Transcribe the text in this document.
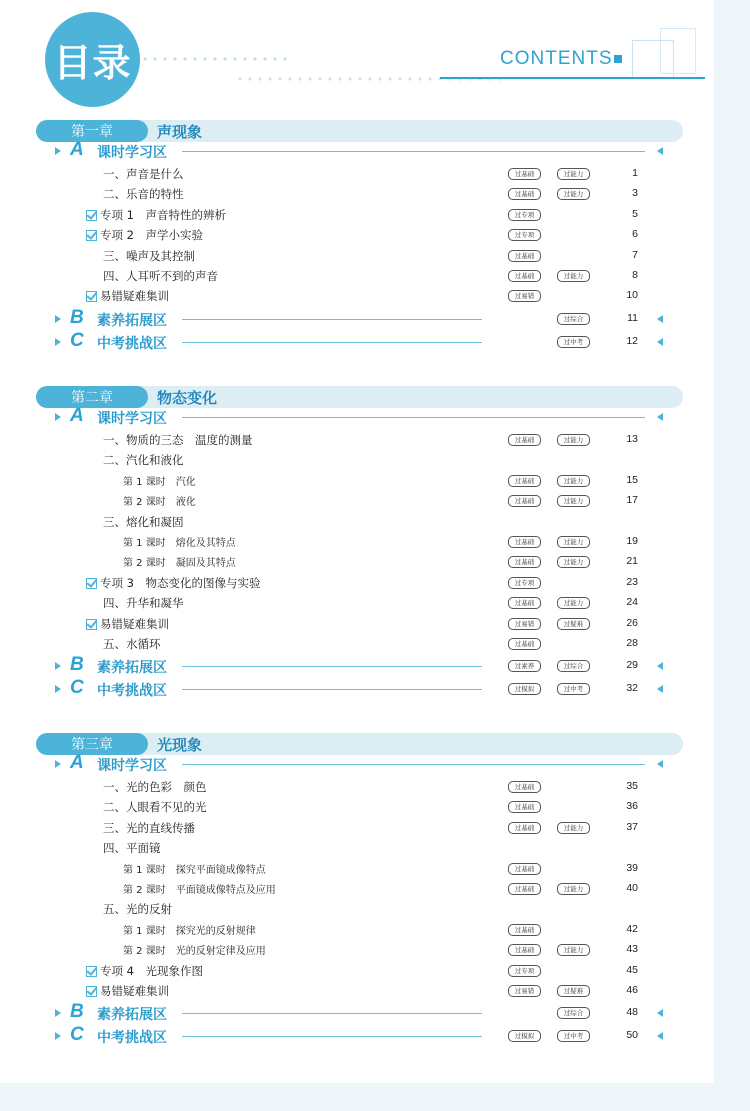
目录	CONTENTS
第一章	声现象
A 课时学习区
一、声音是什么	过基础	过能力	1
二、乐音的特性	过基础	过能力	3
专项 1　声音特性的辨析	过专项	5
专项 2　声学小实验	过专项	6
三、噪声及其控制	过基础	7
四、人耳听不到的声音	过基础	过能力	8
易错疑难集训	过易错	10
B 素养拓展区	过综合	11
C 中考挑战区	过中考	12
第二章	物态变化
A 课时学习区
一、物质的三态　温度的测量	过基础	过能力	13
二、汽化和液化
第 1 课时　汽化	过基础	过能力	15
第 2 课时　液化	过基础	过能力	17
三、熔化和凝固
第 1 课时　熔化及其特点	过基础	过能力	19
第 2 课时　凝固及其特点	过基础	过能力	21
专项 3　物态变化的图像与实验	过专项	23
四、升华和凝华	过基础	过能力	24
易错疑难集训	过易错	过疑难	26
五、水循环	过基础	28
B 素养拓展区	过素养	过综合	29
C 中考挑战区	过模拟	过中考	32
第三章	光现象
A 课时学习区
一、光的色彩　颜色	过基础	35
二、人眼看不见的光	过基础	36
三、光的直线传播	过基础	过能力	37
四、平面镜
第 1 课时　探究平面镜成像特点	过基础	39
第 2 课时　平面镜成像特点及应用	过基础	过能力	40
五、光的反射
第 1 课时　探究光的反射规律	过基础	42
第 2 课时　光的反射定律及应用	过基础	过能力	43
专项 4　光现象作图	过专项	45
易错疑难集训	过易错	过疑难	46
B 素养拓展区	过综合	48
C 中考挑战区	过模拟	过中考	50
